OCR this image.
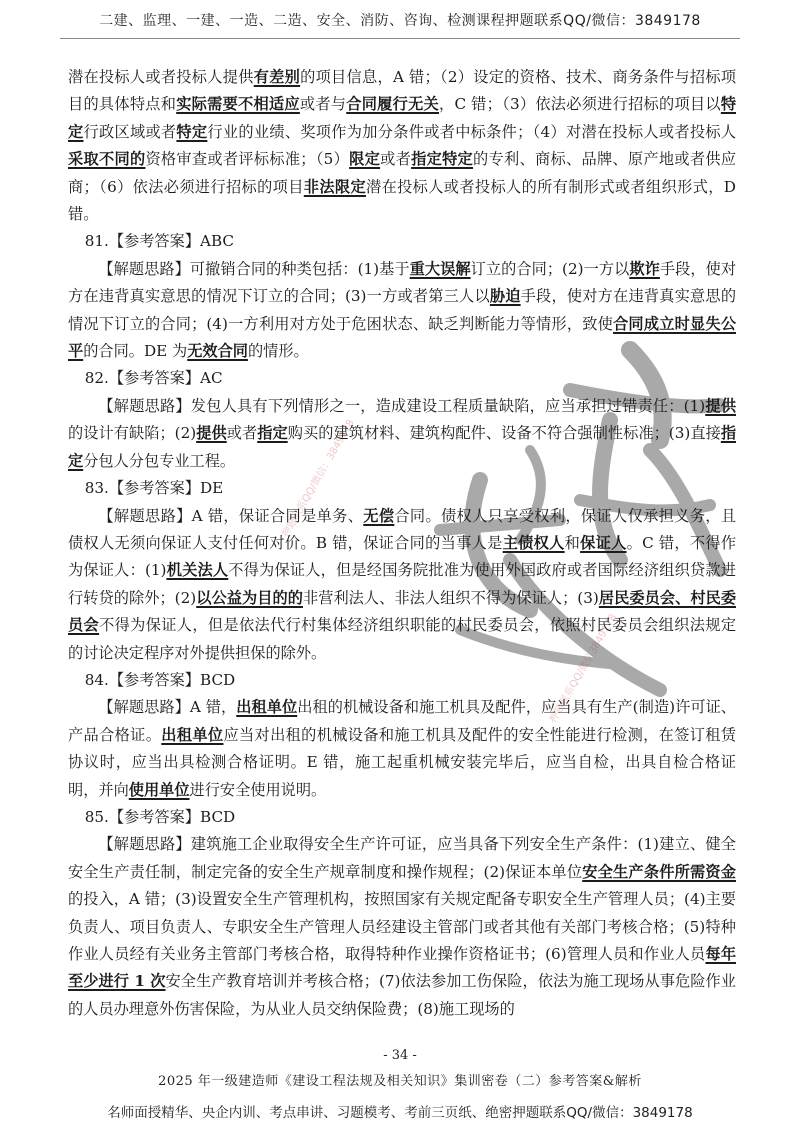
二建、监理、一建、一造、二造、安全、消防、咨询、检测课程押题联系QQ/微信：3849178
押题联系QQ/微信：3849178
押题联系QQ/微信3849178

潜在投标人或者投标人提供有差别的项目信息，A 错；（2）设定的资格、技术、商务条件与招标项目的具体特点和实际需要不相适应或者与合同履行无关，C 错；（3）依法必须进行招标的项目以特定行政区域或者特定行业的业绩、奖项作为加分条件或者中标条件；（4）对潜在投标人或者投标人采取不同的资格审查或者评标标准；（5）限定或者指定特定的专利、商标、品牌、原产地或者供应商；（6）依法必须进行招标的项目非法限定潜在投标人或者投标人的所有制形式或者组织形式，D 错。

81.【参考答案】ABC

【解题思路】可撤销合同的种类包括：(1)基于重大误解订立的合同；(2)一方以欺诈手段，使对方在违背真实意思的情况下订立的合同；(3)一方或者第三人以胁迫手段，使对方在违背真实意思的情况下订立的合同；(4)一方利用对方处于危困状态、缺乏判断能力等情形，致使合同成立时显失公平的合同。DE 为无效合同的情形。

82.【参考答案】AC

【解题思路】发包人具有下列情形之一，造成建设工程质量缺陷，应当承担过错责任：(1)提供的设计有缺陷；(2)提供或者指定购买的建筑材料、建筑构配件、设备不符合强制性标准；(3)直接指定分包人分包专业工程。

83.【参考答案】DE

【解题思路】A 错，保证合同是单务、无偿合同。债权人只享受权利，保证人仅承担义务，且债权人无须向保证人支付任何对价。B 错，保证合同的当事人是主债权人和保证人。C 错，不得作为保证人：(1)机关法人不得为保证人，但是经国务院批准为使用外国政府或者国际经济组织贷款进行转贷的除外；(2)以公益为目的的非营利法人、非法人组织不得为保证人；(3)居民委员会、村民委员会不得为保证人，但是依法代行村集体经济组织职能的村民委员会，依照村民委员会组织法规定的讨论决定程序对外提供担保的除外。

84.【参考答案】BCD

【解题思路】A 错，出租单位出租的机械设备和施工机具及配件，应当具有生产(制造)许可证、产品合格证。出租单位应当对出租的机械设备和施工机具及配件的安全性能进行检测，在签订租赁协议时，应当出具检测合格证明。E 错，施工起重机械安装完毕后，应当自检，出具自检合格证明，并向使用单位进行安全使用说明。

85.【参考答案】BCD

【解题思路】建筑施工企业取得安全生产许可证，应当具备下列安全生产条件：(1)建立、健全安全生产责任制，制定完备的安全生产规章制度和操作规程；(2)保证本单位安全生产条件所需资金的投入，A 错；(3)设置安全生产管理机构，按照国家有关规定配备专职安全生产管理人员；(4)主要负责人、项目负责人、专职安全生产管理人员经建设主管部门或者其他有关部门考核合格；(5)特种作业人员经有关业务主管部门考核合格，取得特种作业操作资格证书；(6)管理人员和作业人员每年至少进行 1 次安全生产教育培训并考核合格；(7)依法参加工伤保险，依法为施工现场从事危险作业的人员办理意外伤害保险，为从业人员交纳保险费；(8)施工现场的

- 34 -
2025 年一级建造师《建设工程法规及相关知识》集训密卷（二）参考答案&解析
名师面授精华、央企内训、考点串讲、习题模考、考前三页纸、绝密押题联系QQ/微信：3849178
